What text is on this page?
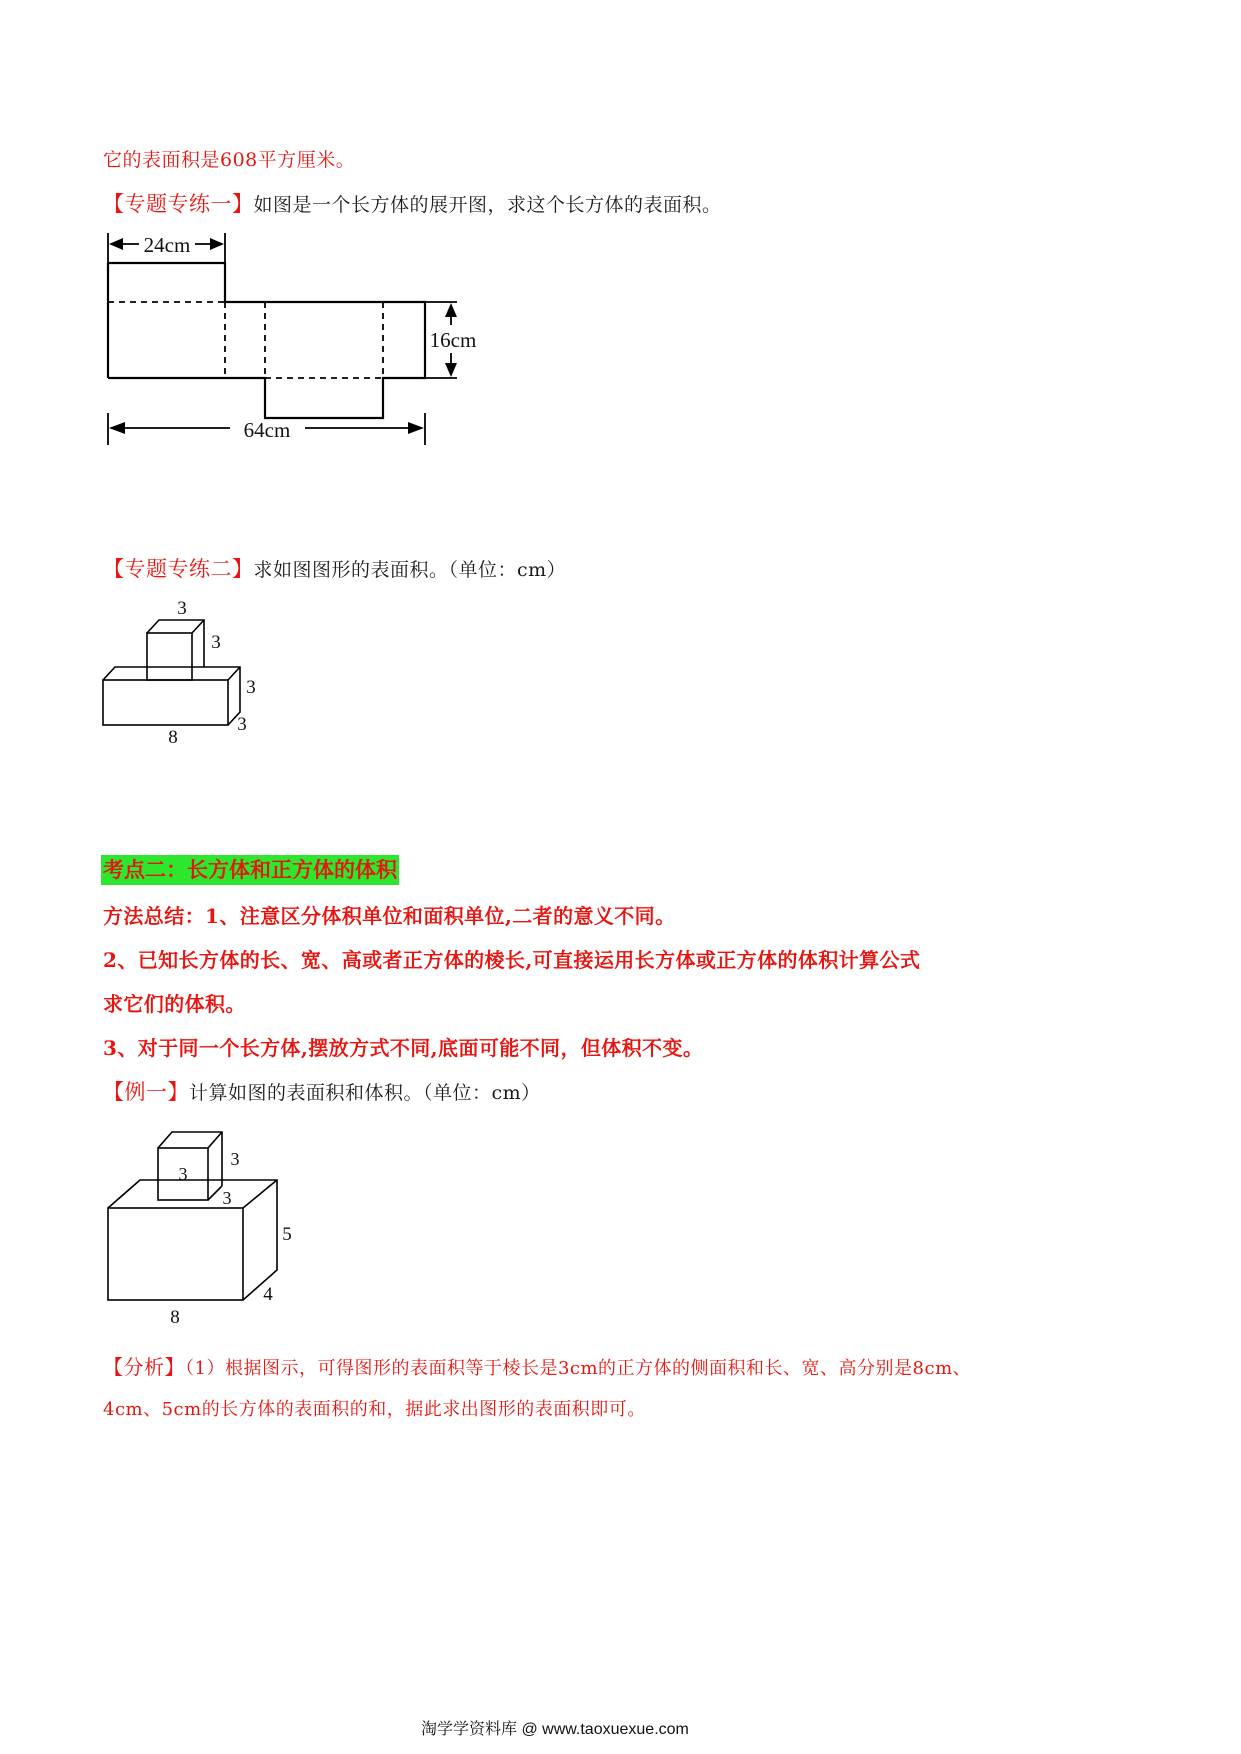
它的表面积是608平方厘米。
【专题专练一】如图是一个长方体的展开图，求这个长方体的表面积。
24cm
16cm
64cm
【专题专练二】求如图图形的表面积。（单位：cm）
3
3
3
3
8
考点二：长方体和正方体的体积
方法总结：1、注意区分体积单位和面积单位,二者的意义不同。
2、已知长方体的长、宽、高或者正方体的棱长,可直接运用长方体或正方体的体积计算公式
求它们的体积。
3、对于同一个长方体,摆放方式不同,底面可能不同，但体积不变。
【例一】计算如图的表面积和体积。（单位：cm）
3
3
3
5
4
8
【分析】（1）根据图示，可得图形的表面积等于棱长是3cm的正方体的侧面积和长、宽、高分别是8cm、
4cm、5cm的长方体的表面积的和，据此求出图形的表面积即可。
淘学学资料库 @ www.taoxuexue.com
